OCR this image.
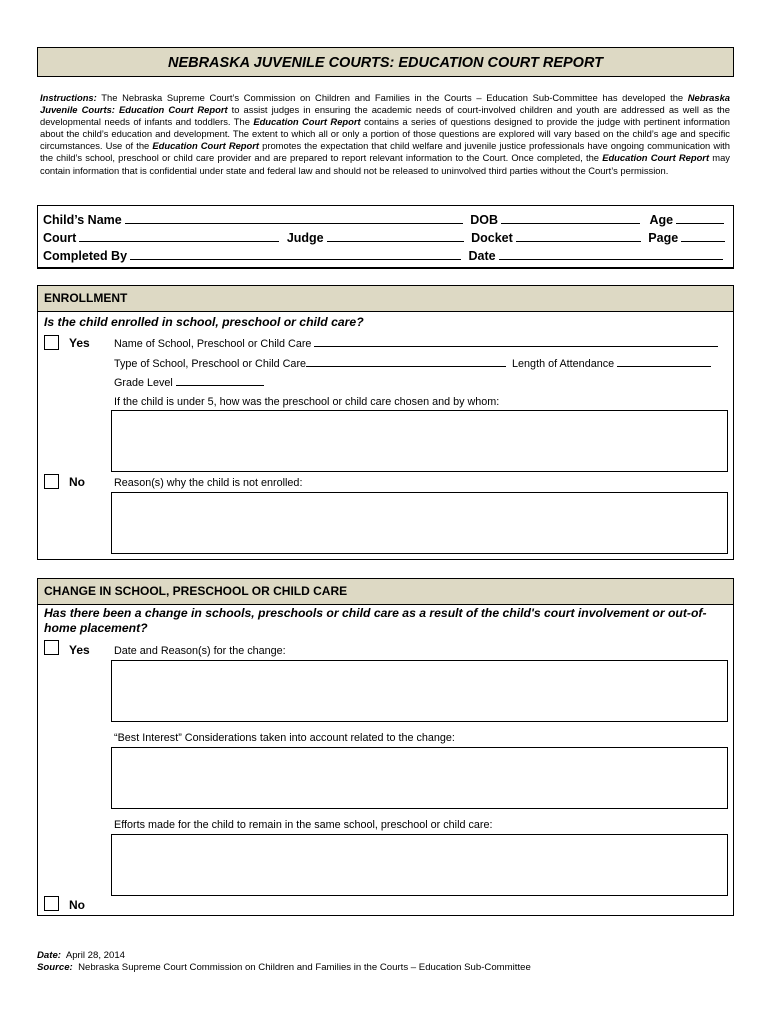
NEBRASKA JUVENILE COURTS: EDUCATION COURT REPORT
Instructions: The Nebraska Supreme Court’s Commission on Children and Families in the Courts – Education Sub-Committee has developed the Nebraska Juvenile Courts: Education Court Report to assist judges in ensuring the academic needs of court-involved children and youth are addressed as well as the developmental needs of infants and toddlers. The Education Court Report contains a series of questions designed to provide the judge with pertinent information about the child’s education and development. The extent to which all or only a portion of those questions are explored will vary based on the child’s age and specific circumstances. Use of the Education Court Report promotes the expectation that child welfare and juvenile justice professionals have ongoing communication with the child’s school, preschool or child care provider and are prepared to report relevant information to the Court. Once completed, the Education Court Report may contain information that is confidential under state and federal law and should not be released to uninvolved third parties without the Court’s permission.
Child’s Name	DOB	Age
Court	Judge	Docket	Page
Completed By	Date
ENROLLMENT
Is the child enrolled in school, preschool or child care?
Yes Name of School, Preschool or Child Care
Type of School, Preschool or Child Care	Length of Attendance
Grade Level
If the child is under 5, how was the preschool or child care chosen and by whom:
No	Reason(s) why the child is not enrolled:
CHANGE IN SCHOOL, PRESCHOOL OR CHILD CARE
Has there been a change in schools, preschools or child care as a result of the child's court involvement or out-of-home placement?
Yes Date and Reason(s) for the change:
“Best Interest” Considerations taken into account related to the change:
Efforts made for the child to remain in the same school, preschool or child care:
No
Date: April 28, 2014
Source: Nebraska Supreme Court Commission on Children and Families in the Courts – Education Sub-Committee
